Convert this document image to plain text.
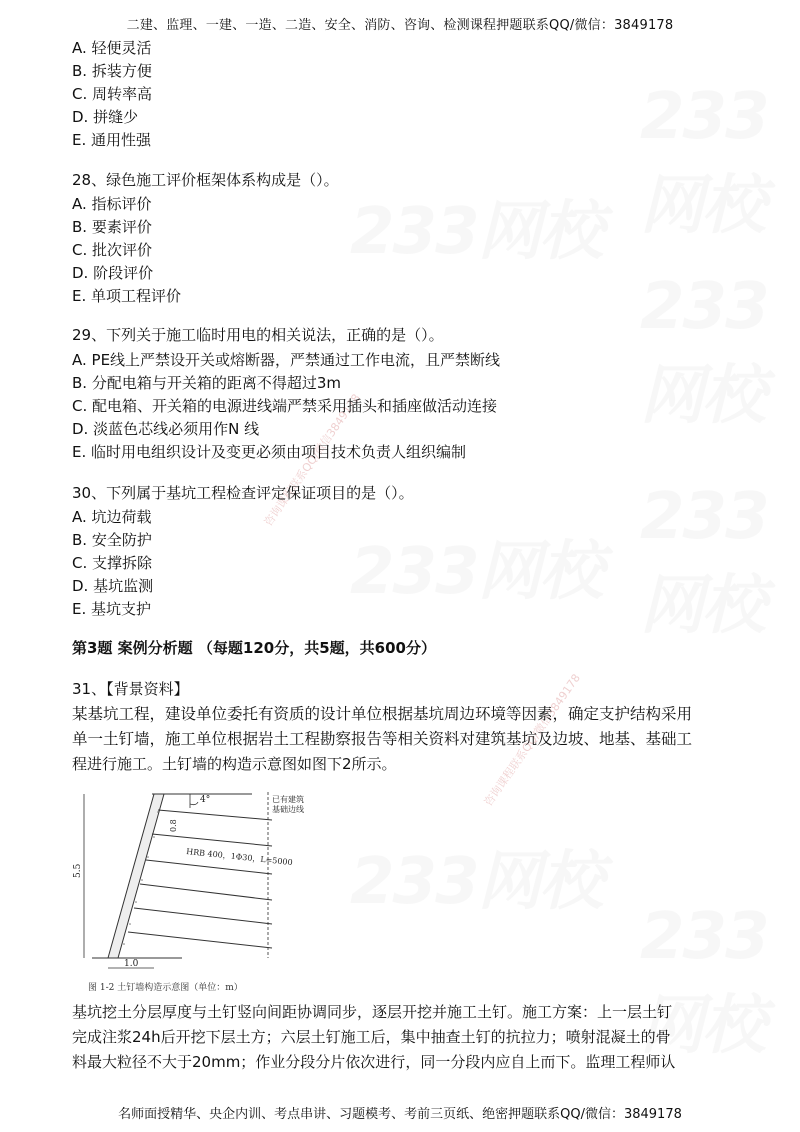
二建、监理、一建、一造、二造、安全、消防、咨询、检测课程押题联系QQ/微信：3849178
233网校
233网校
233网校
233网校
233网校
233网校
233网校
咨询课程联系QQ/微信3849178
咨询课程联系QQ/微信3849178
A. 轻便灵活
B. 拆装方便
C. 周转率高
D. 拼缝少
E. 通用性强
28、绿色施工评价框架体系构成是（）。
A. 指标评价
B. 要素评价
C. 批次评价
D. 阶段评价
E. 单项工程评价
29、下列关于施工临时用电的相关说法，正确的是（）。
A. PE线上严禁设开关或熔断器，严禁通过工作电流，且严禁断线
B. 分配电箱与开关箱的距离不得超过3m
C. 配电箱、开关箱的电源进线端严禁采用插头和插座做活动连接
D. 淡蓝色芯线必须用作N 线
E. 临时用电组织设计及变更必须由项目技术负责人组织编制
30、下列属于基坑工程检查评定保证项目的是（）。
A. 坑边荷载
B. 安全防护
C. 支撑拆除
D. 基坑监测
E. 基坑支护
第3题 案例分析题 （每题120分，共5题，共600分）
31、【背景资料】
某基坑工程，建设单位委托有资质的设计单位根据基坑周边环境等因素，确定支护结构采用
单一土钉墙，施工单位根据岩土工程勘察报告等相关资料对建筑基坑及边坡、地基、基础工
程进行施工。土钉墙的构造示意图如图下2所示。
4°	已有建筑
基础边线
0.8
HRB 400，1Φ30，L=5000
5.5
1.0
图 1-2 土钉墙构造示意图（单位：m）
基坑挖土分层厚度与土钉竖向间距协调同步，逐层开挖并施工土钉。施工方案：上一层土钉
完成注浆24h后开挖下层土方；六层土钉施工后，集中抽查土钉的抗拉力；喷射混凝土的骨
料最大粒径不大于20mm；作业分段分片依次进行，同一分段内应自上而下。监理工程师认
名师面授精华、央企内训、考点串讲、习题模考、考前三页纸、绝密押题联系QQ/微信：3849178
